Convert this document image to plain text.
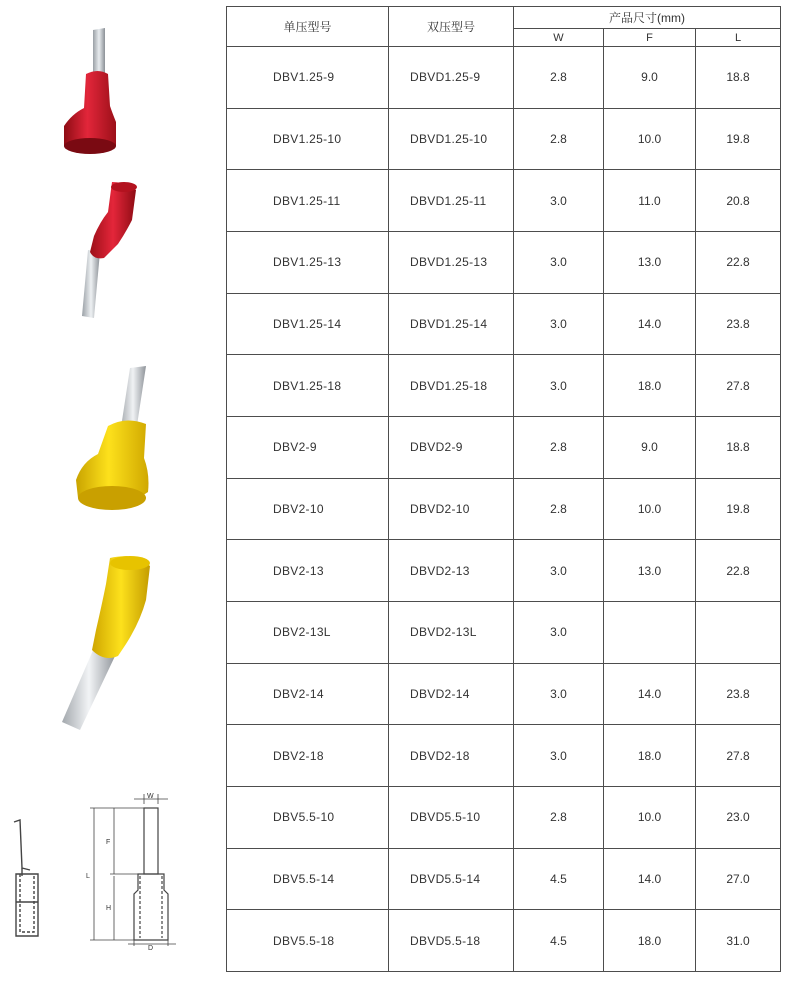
W
L
F
H
D
单压型号	双压型号	产品尺寸(mm)		
		W	F	L
DBV1.25-9	DBVD1.25-9	2.8	9.0	18.8
DBV1.25-10	DBVD1.25-10	2.8	10.0	19.8
DBV1.25-11	DBVD1.25-11	3.0	11.0	20.8
DBV1.25-13	DBVD1.25-13	3.0	13.0	22.8
DBV1.25-14	DBVD1.25-14	3.0	14.0	23.8
DBV1.25-18	DBVD1.25-18	3.0	18.0	27.8
DBV2-9	DBVD2-9	2.8	9.0	18.8
DBV2-10	DBVD2-10	2.8	10.0	19.8
DBV2-13	DBVD2-13	3.0	13.0	22.8
DBV2-13L	DBVD2-13L	3.0		
DBV2-14	DBVD2-14	3.0	14.0	23.8
DBV2-18	DBVD2-18	3.0	18.0	27.8
DBV5.5-10	DBVD5.5-10	2.8	10.0	23.0
DBV5.5-14	DBVD5.5-14	4.5	14.0	27.0
DBV5.5-18	DBVD5.5-18	4.5	18.0	31.0
